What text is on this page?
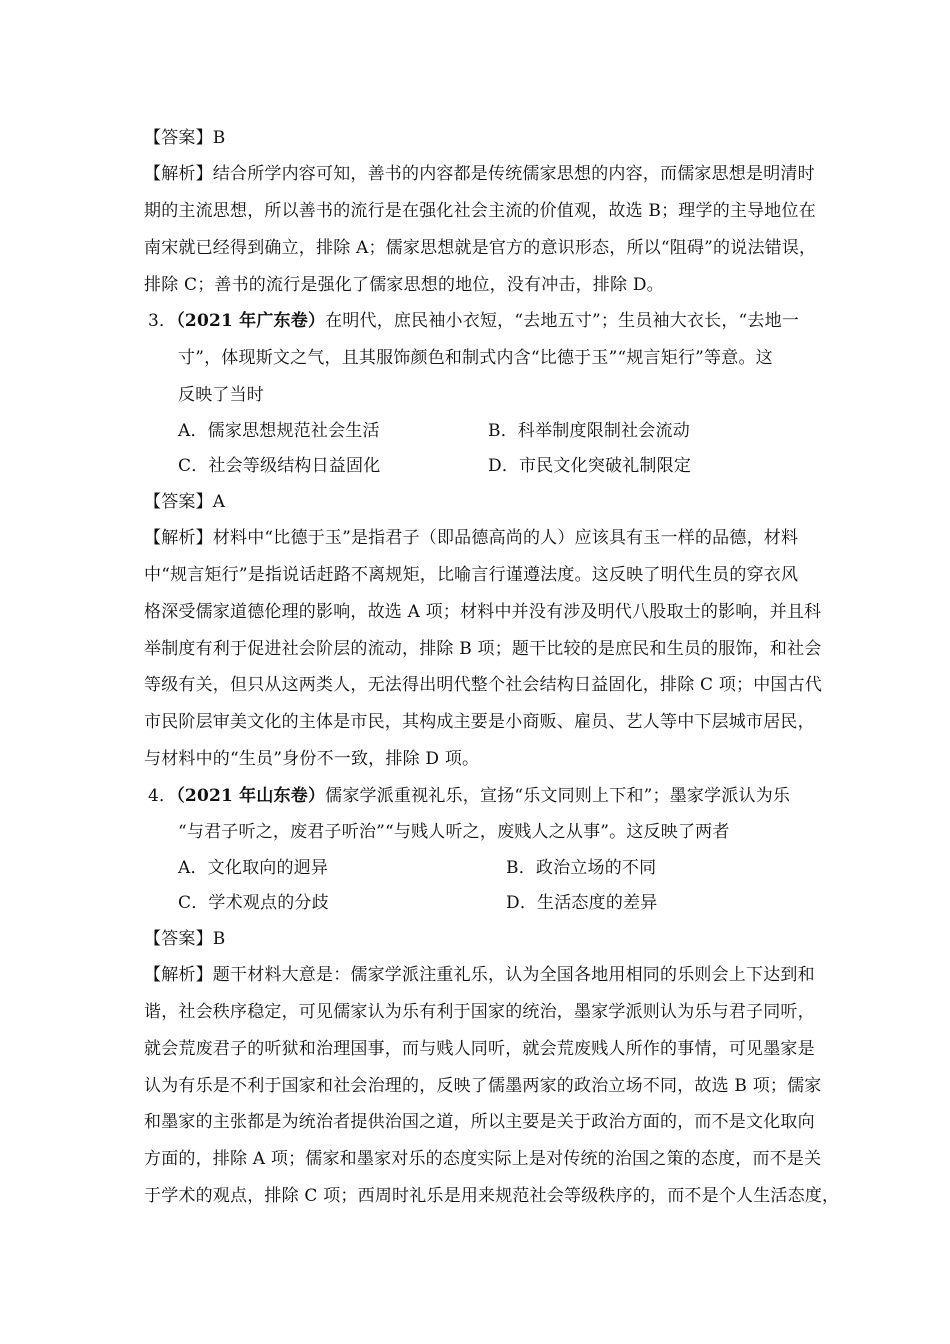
【答案】B
【解析】结合所学内容可知，善书的内容都是传统儒家思想的内容，而儒家思想是明清时
期的主流思想，所以善书的流行是在强化社会主流的价值观，故选 B；理学的主导地位在
南宋就已经得到确立，排除 A；儒家思想就是官方的意识形态，所以“阻碍”的说法错误，
排除 C；善书的流行是强化了儒家思想的地位，没有冲击，排除 D。
3．（2021 年广东卷）在明代，庶民袖小衣短，“去地五寸”；生员袖大衣长，“去地一
寸”，体现斯文之气，且其服饰颜色和制式内含“比德于玉”“规言矩行”等意。这
反映了当时
A．儒家思想规范社会生活	B．科举制度限制社会流动
C．社会等级结构日益固化	D．市民文化突破礼制限定
【答案】A
【解析】材料中“比德于玉”是指君子（即品德高尚的人）应该具有玉一样的品德，材料
中“规言矩行”是指说话赶路不离规矩，比喻言行谨遵法度。这反映了明代生员的穿衣风
格深受儒家道德伦理的影响，故选 A 项；材料中并没有涉及明代八股取士的影响，并且科
举制度有利于促进社会阶层的流动，排除 B 项；题干比较的是庶民和生员的服饰，和社会
等级有关，但只从这两类人，无法得出明代整个社会结构日益固化，排除 C 项；中国古代
市民阶层审美文化的主体是市民，其构成主要是小商贩、雇员、艺人等中下层城市居民，
与材料中的“生员”身份不一致，排除 D 项。
4．（2021 年山东卷）儒家学派重视礼乐，宣扬“乐文同则上下和”；墨家学派认为乐
“与君子听之，废君子听治”“与贱人听之，废贱人之从事”。这反映了两者
A．文化取向的迥异	B．政治立场的不同
C．学术观点的分歧	D．生活态度的差异
【答案】B
【解析】题干材料大意是：儒家学派注重礼乐，认为全国各地用相同的乐则会上下达到和
谐，社会秩序稳定，可见儒家认为乐有利于国家的统治，墨家学派则认为乐与君子同听，
就会荒废君子的听狱和治理国事，而与贱人同听，就会荒废贱人所作的事情，可见墨家是
认为有乐是不利于国家和社会治理的，反映了儒墨两家的政治立场不同，故选 B 项；儒家
和墨家的主张都是为统治者提供治国之道，所以主要是关于政治方面的，而不是文化取向
方面的，排除 A 项；儒家和墨家对乐的态度实际上是对传统的治国之策的态度，而不是关
于学术的观点，排除 C 项；西周时礼乐是用来规范社会等级秩序的，而不是个人生活态度，
